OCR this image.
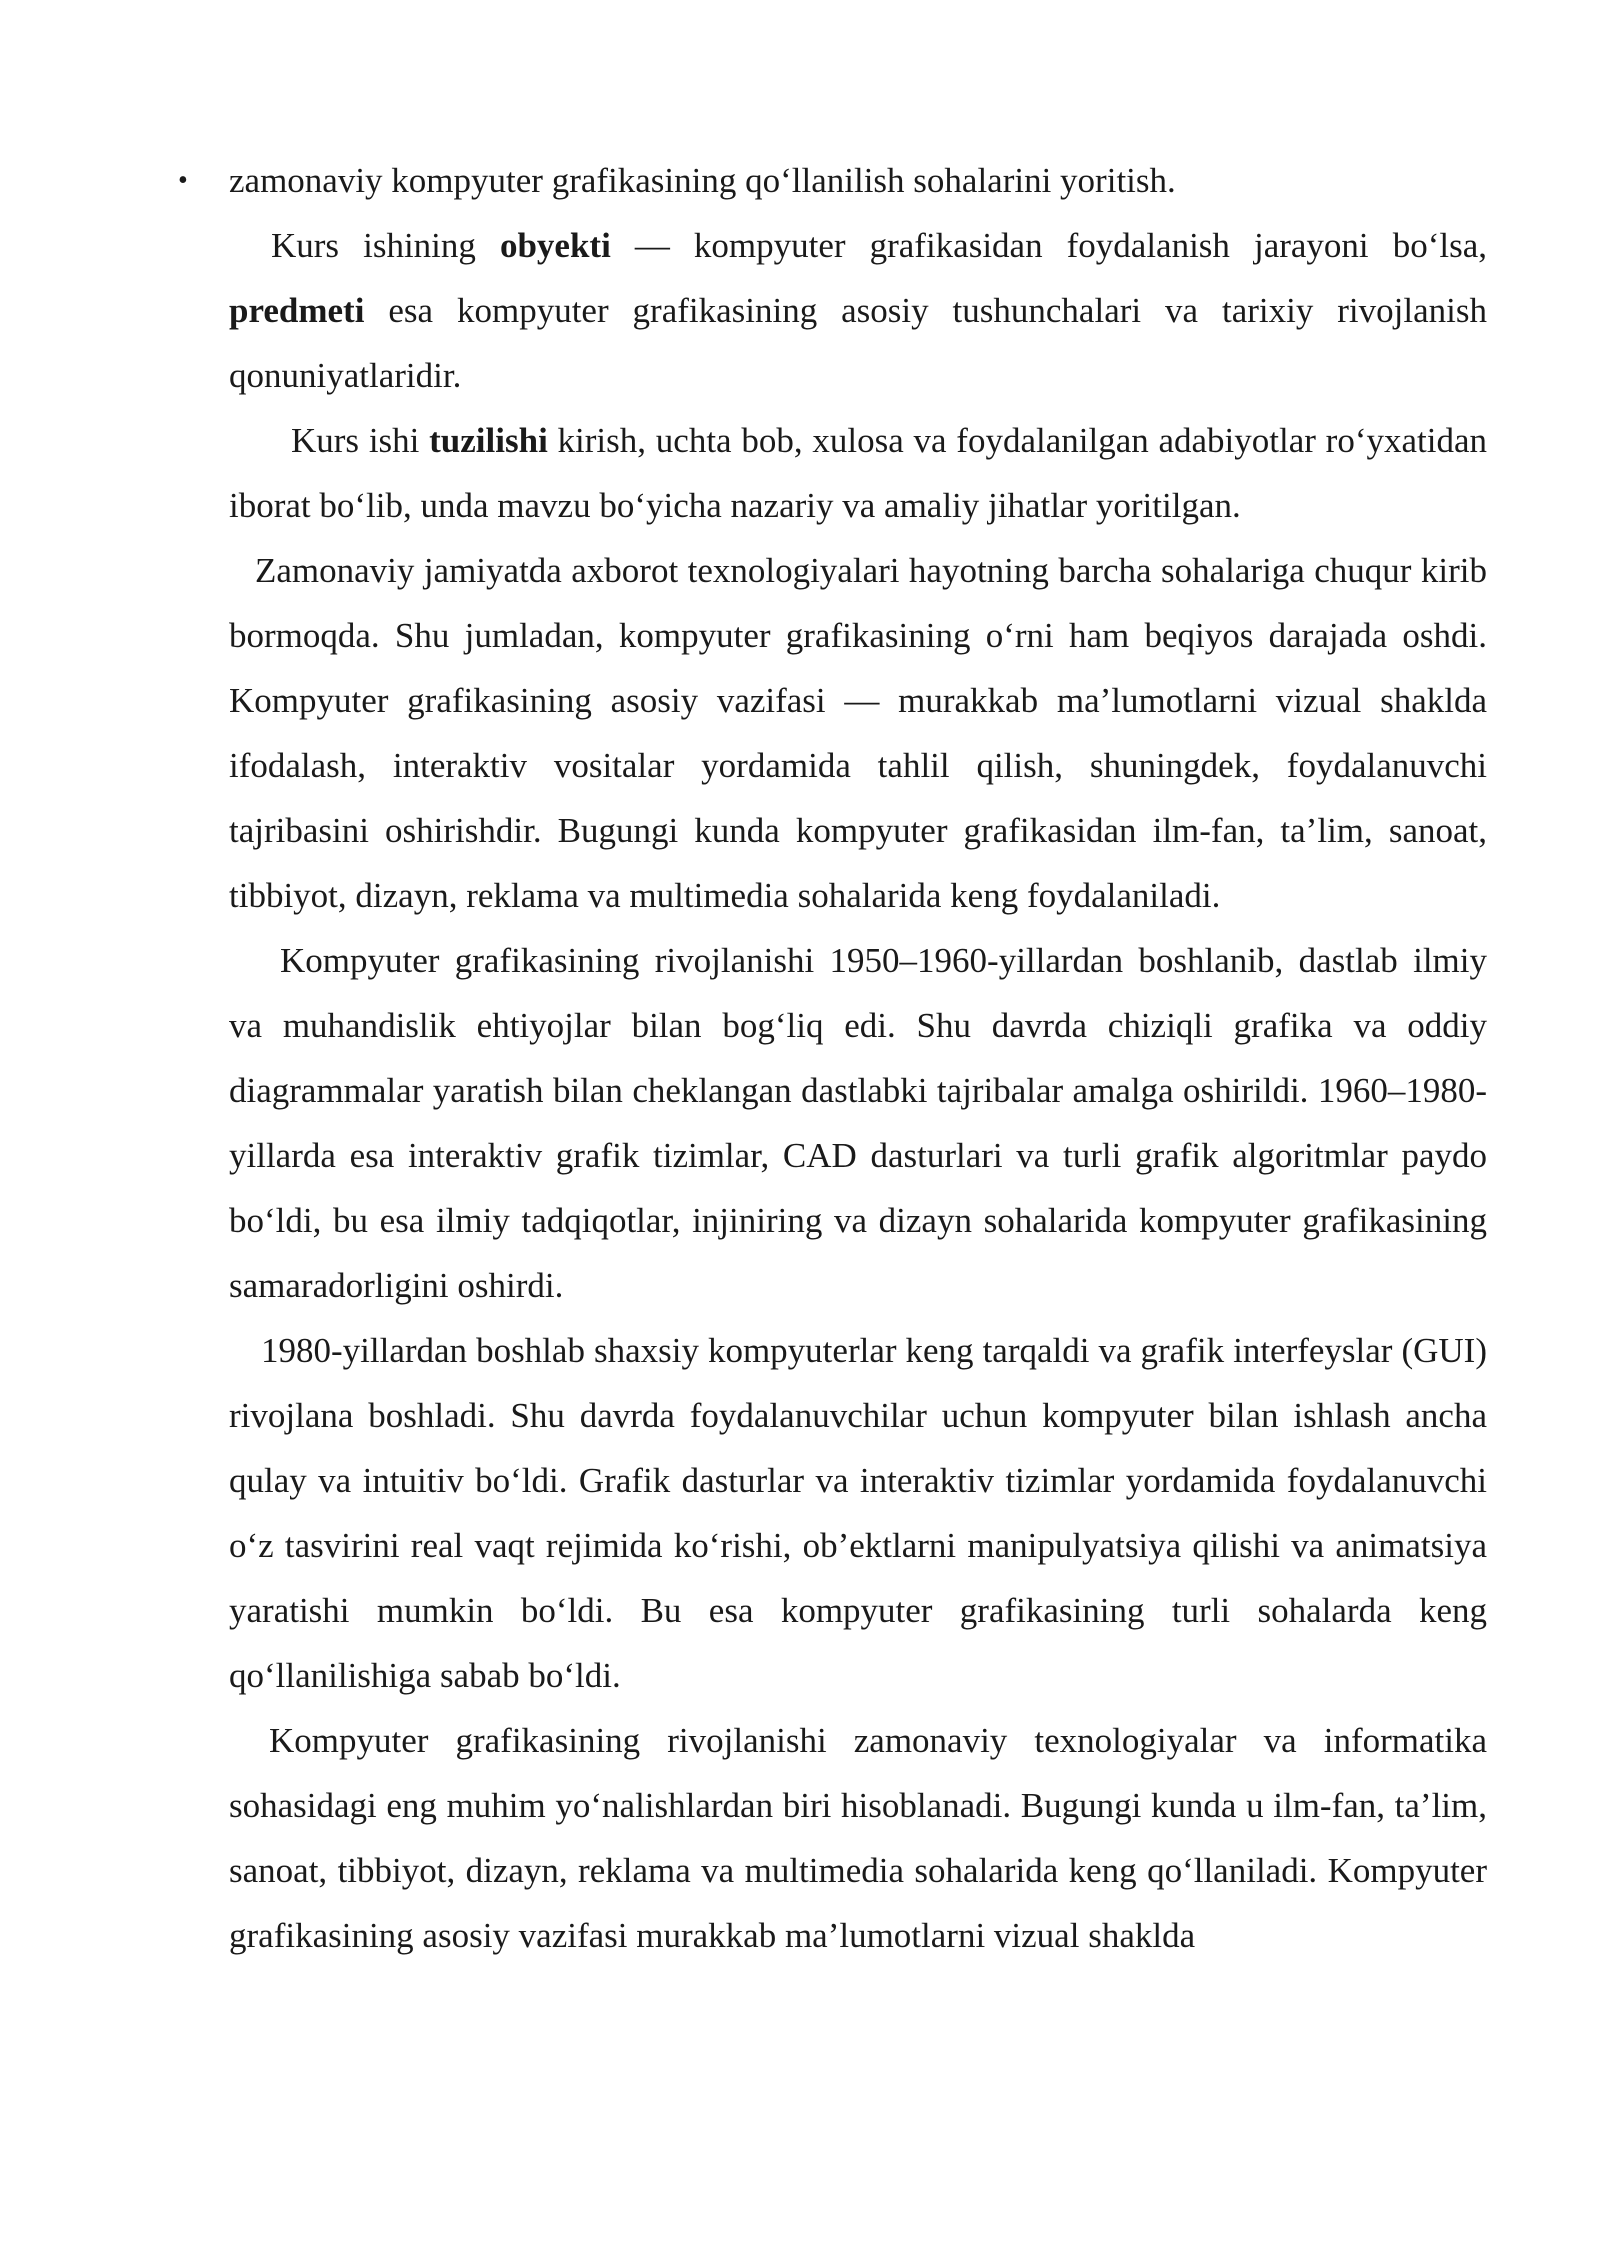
• zamonaviy kompyuter grafikasining qo‘llanilish sohalarini yoritish.

Kurs ishining obyekti — kompyuter grafikasidan foydalanish jarayoni bo‘lsa, predmeti esa kompyuter grafikasining asosiy tushunchalari va tarixiy rivojlanish qonuniyatlaridir.

Kurs ishi tuzilishi kirish, uchta bob, xulosa va foydalanilgan adabiyotlar ro‘yxatidan iborat bo‘lib, unda mavzu bo‘yicha nazariy va amaliy jihatlar yoritilgan.

Zamonaviy jamiyatda axborot texnologiyalari hayotning barcha sohalariga chuqur kirib bormoqda. Shu jumladan, kompyuter grafikasining o‘rni ham beqiyos darajada oshdi. Kompyuter grafikasining asosiy vazifasi — murakkab ma’lumotlarni vizual shaklda ifodalash, interaktiv vositalar yordamida tahlil qilish, shuningdek, foydalanuvchi tajribasini oshirishdir. Bugungi kunda kompyuter grafikasidan ilm-fan, ta’lim, sanoat, tibbiyot, dizayn, reklama va multimedia sohalarida keng foydalaniladi.

Kompyuter grafikasining rivojlanishi 1950–1960-yillardan boshlanib, dastlab ilmiy va muhandislik ehtiyojlar bilan bog‘liq edi. Shu davrda chiziqli grafika va oddiy diagrammalar yaratish bilan cheklangan dastlabki tajribalar amalga oshirildi. 1960–1980-yillarda esa interaktiv grafik tizimlar, CAD dasturlari va turli grafik algoritmlar paydo bo‘ldi, bu esa ilmiy tadqiqotlar, injiniring va dizayn sohalarida kompyuter grafikasining samaradorligini oshirdi.

1980-yillardan boshlab shaxsiy kompyuterlar keng tarqaldi va grafik interfeyslar (GUI) rivojlana boshladi. Shu davrda foydalanuvchilar uchun kompyuter bilan ishlash ancha qulay va intuitiv bo‘ldi. Grafik dasturlar va interaktiv tizimlar yordamida foydalanuvchi o‘z tasvirini real vaqt rejimida ko‘rishi, ob’ektlarni manipulyatsiya qilishi va animatsiya yaratishi mumkin bo‘ldi. Bu esa kompyuter grafikasining turli sohalarda keng qo‘llanilishiga sabab bo‘ldi.

Kompyuter grafikasining rivojlanishi zamonaviy texnologiyalar va informatika sohasidagi eng muhim yo‘nalishlardan biri hisoblanadi. Bugungi kunda u ilm-fan, ta’lim, sanoat, tibbiyot, dizayn, reklama va multimedia sohalarida keng qo‘llaniladi. Kompyuter grafikasining asosiy vazifasi murakkab ma’lumotlarni vizual shaklda
